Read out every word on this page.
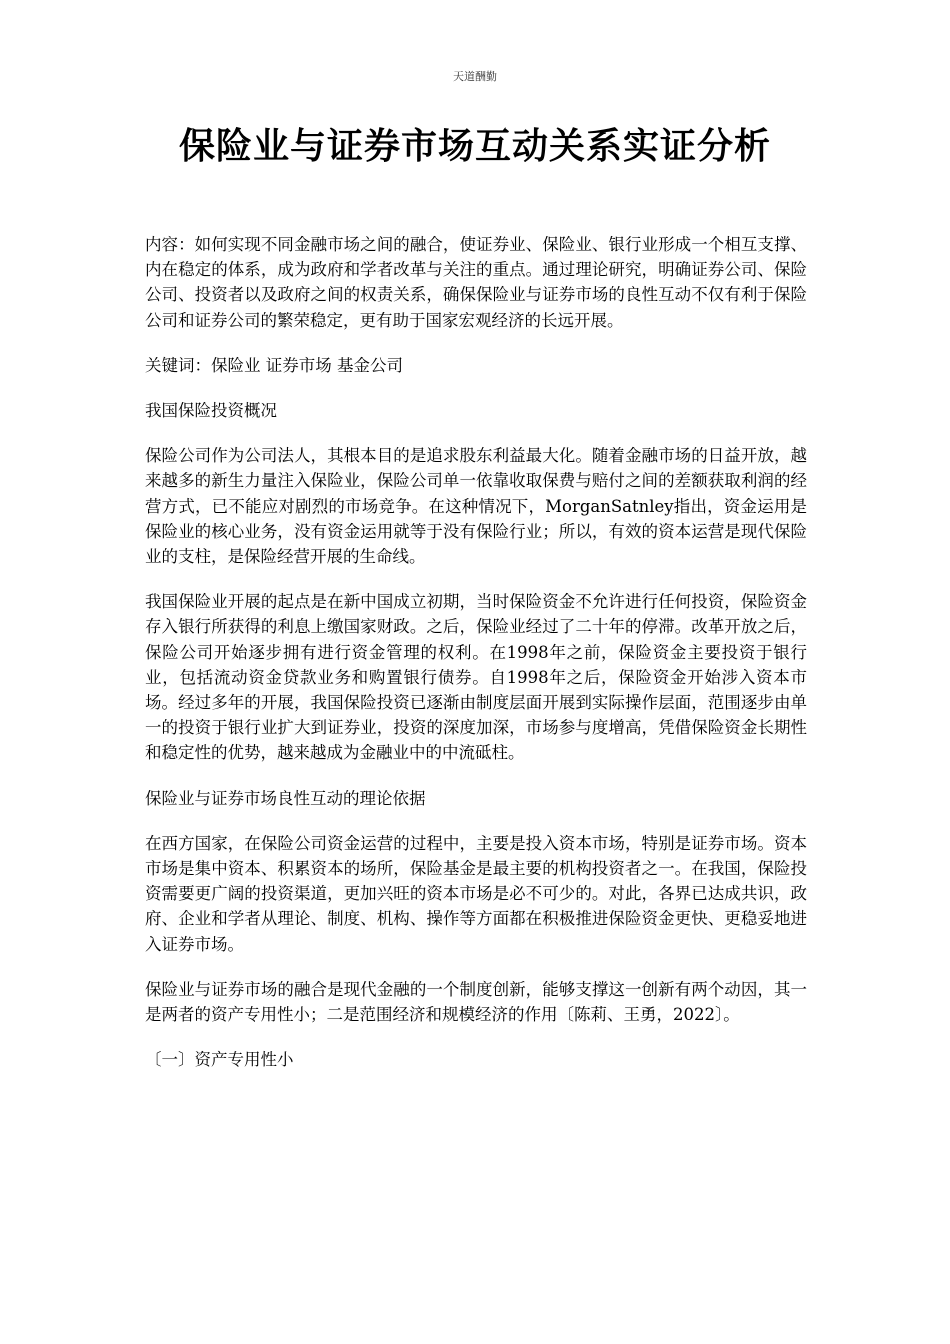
天道酬勤
保险业与证券市场互动关系实证分析

内容：如何实现不同金融市场之间的融合，使证券业、保险业、银行业形成一个相互支撑、内在稳定的体系，成为政府和学者改革与关注的重点。通过理论研究，明确证券公司、保险公司、投资者以及政府之间的权责关系，确保保险业与证券市场的良性互动不仅有利于保险公司和证券公司的繁荣稳定，更有助于国家宏观经济的长远开展。

关键词：保险业 证券市场 基金公司

我国保险投资概况

保险公司作为公司法人，其根本目的是追求股东利益最大化。随着金融市场的日益开放，越来越多的新生力量注入保险业，保险公司单一依靠收取保费与赔付之间的差额获取利润的经营方式，已不能应对剧烈的市场竞争。在这种情况下，MorganSatnley指出，资金运用是保险业的核心业务，没有资金运用就等于没有保险行业；所以，有效的资本运营是现代保险业的支柱，是保险经营开展的生命线。

我国保险业开展的起点是在新中国成立初期，当时保险资金不允许进行任何投资，保险资金存入银行所获得的利息上缴国家财政。之后，保险业经过了二十年的停滞。改革开放之后，保险公司开始逐步拥有进行资金管理的权利。在1998年之前，保险资金主要投资于银行业，包括流动资金贷款业务和购置银行债券。自1998年之后，保险资金开始涉入资本市场。经过多年的开展，我国保险投资已逐渐由制度层面开展到实际操作层面，范围逐步由单一的投资于银行业扩大到证券业，投资的深度加深，市场参与度增高，凭借保险资金长期性和稳定性的优势，越来越成为金融业中的中流砥柱。

保险业与证券市场良性互动的理论依据

在西方国家，在保险公司资金运营的过程中，主要是投入资本市场，特别是证券市场。资本市场是集中资本、积累资本的场所，保险基金是最主要的机构投资者之一。在我国，保险投资需要更广阔的投资渠道，更加兴旺的资本市场是必不可少的。对此，各界已达成共识，政府、企业和学者从理论、制度、机构、操作等方面都在积极推进保险资金更快、更稳妥地进入证券市场。

保险业与证券市场的融合是现代金融的一个制度创新，能够支撑这一创新有两个动因，其一是两者的资产专用性小；二是范围经济和规模经济的作用〔陈莉、王勇，2022〕。

〔一〕资产专用性小
